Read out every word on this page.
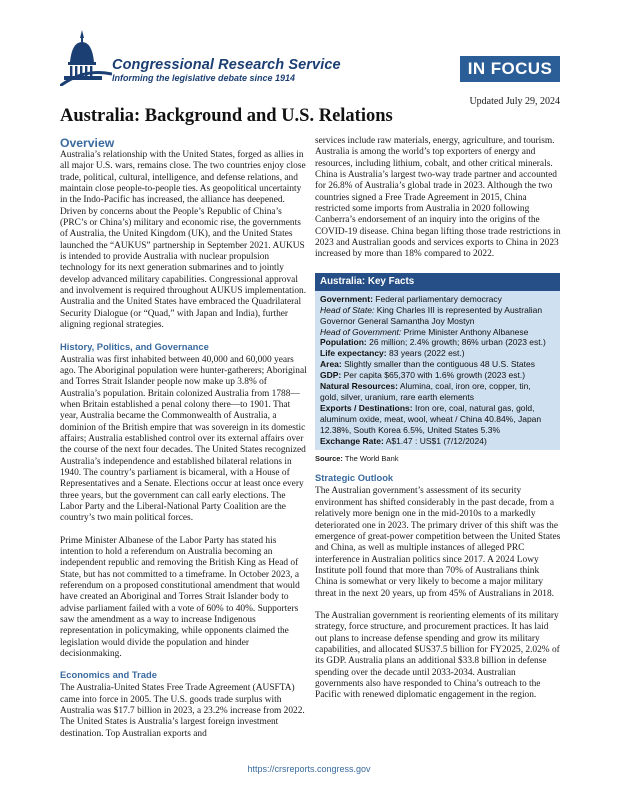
Congressional Research Service
Informing the legislative debate since 1914	IN FOCUS
Updated July 29, 2024
Australia: Background and U.S. Relations
Overview

Australia’s relationship with the United States, forged as allies in all major U.S. wars, remains close. The two countries enjoy close trade, political, cultural, intelligence, and defense relations, and maintain close people-to-people ties. As geopolitical uncertainty in the Indo-Pacific has increased, the alliance has deepened. Driven by concerns about the People’s Republic of China’s (PRC’s or China’s) military and economic rise, the governments of Australia, the United Kingdom (UK), and the United States launched the “AUKUS” partnership in September 2021. AUKUS is intended to provide Australia with nuclear propulsion technology for its next generation submarines and to jointly develop advanced military capabilities. Congressional approval and involvement is required throughout AUKUS implementation. Australia and the United States have embraced the Quadrilateral Security Dialogue (or “Quad,” with Japan and India), further aligning regional strategies.

History, Politics, and Governance

Australia was first inhabited between 40,000 and 60,000 years ago. The Aboriginal population were hunter-gatherers; Aboriginal and Torres Strait Islander people now make up 3.8% of Australia’s population. Britain colonized Australia from 1788—when Britain established a penal colony there—to 1901. That year, Australia became the Commonwealth of Australia, a dominion of the British empire that was sovereign in its domestic affairs; Australia established control over its external affairs over the course of the next four decades. The United States recognized Australia’s independence and established bilateral relations in 1940. The country’s parliament is bicameral, with a House of Representatives and a Senate. Elections occur at least once every three years, but the government can call early elections. The Labor Party and the Liberal-National Party Coalition are the country’s two main political forces.

Prime Minister Albanese of the Labor Party has stated his intention to hold a referendum on Australia becoming an independent republic and removing the British King as Head of State, but has not committed to a timeframe. In October 2023, a referendum on a proposed constitutional amendment that would have created an Aboriginal and Torres Strait Islander body to advise parliament failed with a vote of 60% to 40%. Supporters saw the amendment as a way to increase Indigenous representation in policymaking, while opponents claimed the legislation would divide the population and hinder decisionmaking.

Economics and Trade

The Australia-United States Free Trade Agreement (AUSFTA) came into force in 2005. The U.S. goods trade surplus with Australia was $17.7 billion in 2023, a 23.2% increase from 2022. The United States is Australia’s largest foreign investment destination. Top Australian exports and

services include raw materials, energy, agriculture, and tourism. Australia is among the world’s top exporters of energy and resources, including lithium, cobalt, and other critical minerals. China is Australia’s largest two-way trade partner and accounted for 26.8% of Australia’s global trade in 2023. Although the two countries signed a Free Trade Agreement in 2015, China restricted some imports from Australia in 2020 following Canberra’s endorsement of an inquiry into the origins of the COVID-19 disease. China began lifting those trade restrictions in 2023 and Australian goods and services exports to China in 2023 increased by more than 18% compared to 2022.

Australia: Key Facts
Government: Federal parliamentary democracy
Head of State: King Charles III is represented by Australian
Governor General Samantha Joy Mostyn
Head of Government: Prime Minister Anthony Albanese
Population: 26 million; 2.4% growth; 86% urban (2023 est.)
Life expectancy: 83 years (2022 est.)
Area: Slightly smaller than the contiguous 48 U.S. States
GDP: Per capita $65,370 with 1.6% growth (2023 est.)
Natural Resources: Alumina, coal, iron ore, copper, tin,
gold, silver, uranium, rare earth elements
Exports / Destinations: Iron ore, coal, natural gas, gold,
aluminum oxide, meat, wool, wheat / China 40.84%, Japan
12.38%, South Korea 6.5%, United States 5.3%
Exchange Rate: A$1.47 : US$1 (7/12/2024)
Source: The World Bank
Strategic Outlook

The Australian government’s assessment of its security environment has shifted considerably in the past decade, from a relatively more benign one in the mid-2010s to a markedly deteriorated one in 2023. The primary driver of this shift was the emergence of great-power competition between the United States and China, as well as multiple instances of alleged PRC interference in Australian politics since 2017. A 2024 Lowy Institute poll found that more than 70% of Australians think China is somewhat or very likely to become a major military threat in the next 20 years, up from 45% of Australians in 2018.

The Australian government is reorienting elements of its military strategy, force structure, and procurement practices. It has laid out plans to increase defense spending and grow its military capabilities, and allocated $US37.5 billion for FY2025, 2.02% of its GDP. Australia plans an additional $33.8 billion in defense spending over the decade until 2033-2034. Australian governments also have responded to China’s outreach to the Pacific with renewed diplomatic engagement in the region.

https://crsreports.congress.gov
